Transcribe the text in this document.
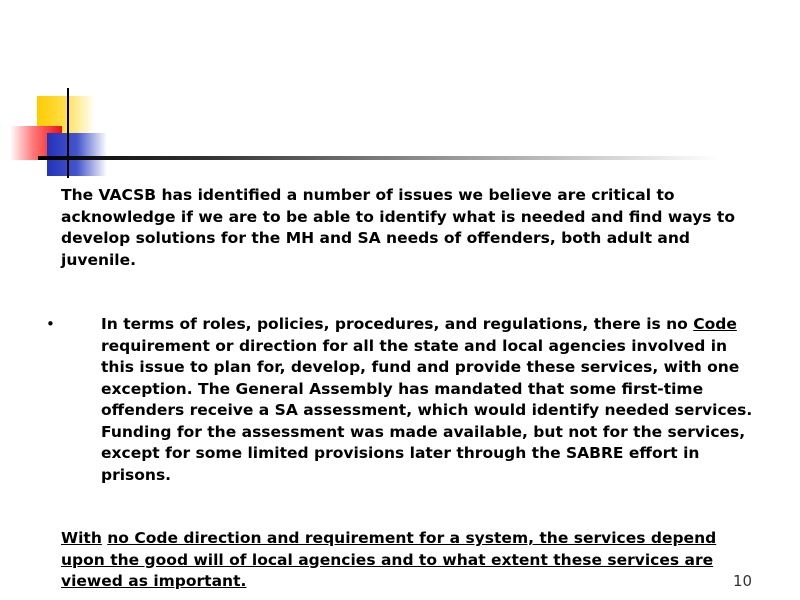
The VACSB has identified a number of issues we believe are critical to acknowledge if we are to be able to identify what is needed and find ways to develop solutions for the MH and SA needs of offenders, both adult and juvenile.

•	In terms of roles, policies, procedures, and regulations, there is no Code requirement or direction for all the state and local agencies involved in this issue to plan for, develop, fund and provide these services, with one exception. The General Assembly has mandated that some first-time offenders receive a SA assessment, which would identify needed services. Funding for the assessment was made available, but not for the services, except for some limited provisions later through the SABRE effort in prisons.

With no Code direction and requirement for a system, the services depend upon the good will of local agencies and to what extent these services are viewed as important.	10
